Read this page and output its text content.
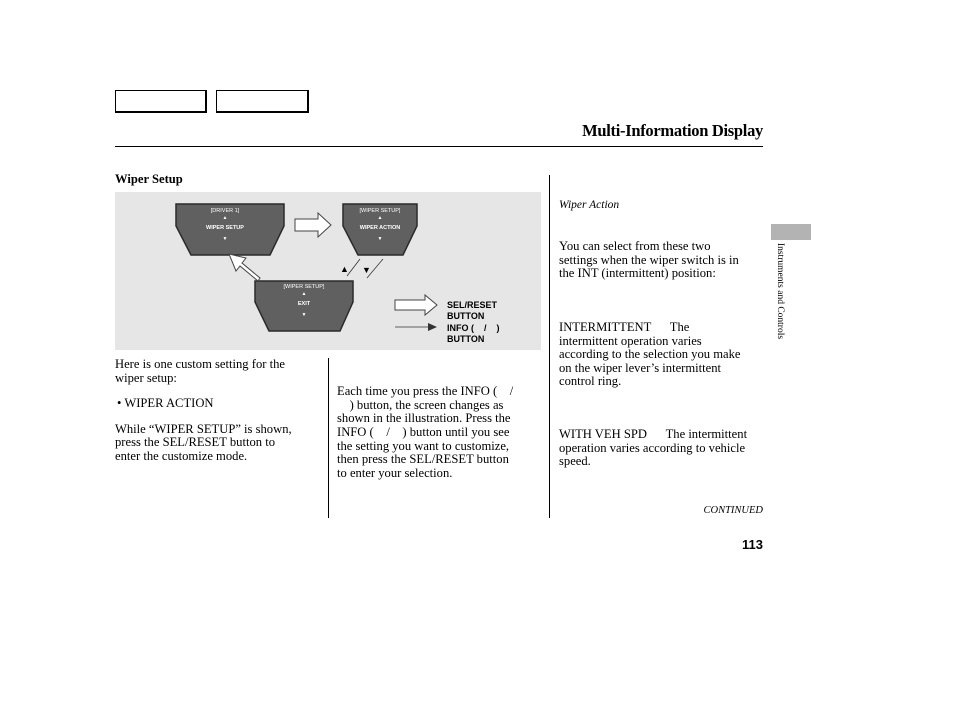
Multi-Information Display
Wiper Setup
[DRIVER 1]
▲
WIPER SETUP
▼
[WIPER SETUP]
▲
WIPER ACTION
▼
[WIPER SETUP]
▲
EXIT
▼
▲ ▼
SEL/RESET
BUTTON
INFO (    /    )
BUTTON

Here is one custom setting for the
wiper setup:

• WIPER ACTION

While “WIPER SETUP” is shown,
press the SEL/RESET button to
enter the customize mode.

Each time you press the INFO (    /
) button, the screen changes as
shown in the illustration. Press the
INFO (    /    ) button until you see
the setting you want to customize,
then press the SEL/RESET button
to enter your selection.

Wiper Action

You can select from these two
settings when the wiper switch is in
the INT (intermittent) position:

INTERMITTENT      The
intermittent operation varies
according to the selection you make
on the wiper lever’s intermittent
control ring.

WITH VEH SPD      The intermittent
operation varies according to vehicle
speed.

Instruments and Controls
CONTINUED
113
